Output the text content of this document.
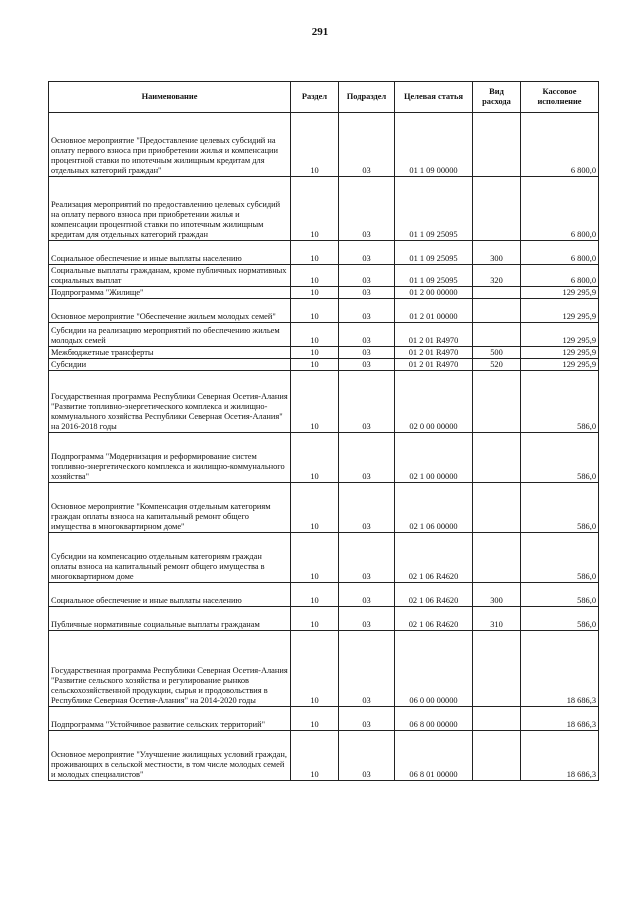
291
Наименование	Раздел	Подраздел	Целевая статья	Вид расхода	Кассовое исполнение
Основное мероприятие "Предоставление целевых субсидий на оплату первого взноса при приобретении жилья и компенсации процентной ставки по ипотечным жилищным кредитам для отдельных категорий граждан"	10	03	01 1 09 00000		6 800,0
Реализация мероприятий по предоставлению целевых субсидий на оплату первого взноса при приобретении жилья и компенсации процентной ставки по ипотечным жилищным кредитам для отдельных категорий граждан	10	03	01 1 09 25095		6 800,0
Социальное обеспечение и иные выплаты населению	10	03	01 1 09 25095	300	6 800,0
Социальные выплаты гражданам, кроме публичных нормативных социальных выплат	10	03	01 1 09 25095	320	6 800,0
Подпрограмма "Жилище"	10	03	01 2 00 00000		129 295,9
Основное мероприятие "Обеспечение жильем молодых семей"	10	03	01 2 01 00000		129 295,9
Субсидии на реализацию мероприятий по обеспечению жильем молодых семей	10	03	01 2 01 R4970		129 295,9
Межбюджетные трансферты	10	03	01 2 01 R4970	500	129 295,9
Субсидии	10	03	01 2 01 R4970	520	129 295,9
Государственная программа Республики Северная Осетия-Алания "Развитие топливно-энергетического комплекса и жилищно-коммунального хозяйства Республики Северная Осетия-Алания" на 2016-2018 годы	10	03	02 0 00 00000		586,0
Подпрограмма "Модернизация и реформирование систем топливно-энергетического комплекса и жилищно-коммунального хозяйства"	10	03	02 1 00 00000		586,0
Основное мероприятие "Компенсация отдельным категориям граждан оплаты взноса на капитальный ремонт общего имущества в многоквартирном доме"	10	03	02 1 06 00000		586,0
Субсидии на компенсацию отдельным категориям граждан оплаты взноса на капитальный ремонт общего имущества в многоквартирном доме	10	03	02 1 06 R4620		586,0
Социальное обеспечение и иные выплаты населению	10	03	02 1 06 R4620	300	586,0
Публичные нормативные социальные выплаты гражданам	10	03	02 1 06 R4620	310	586,0
Государственная программа Республики Северная Осетия-Алания "Развитие сельского хозяйства и регулирование рынков сельскохозяйственной продукции, сырья и продовольствия в Республике Северная Осетия-Алания" на 2014-2020 годы	10	03	06 0 00 00000		18 686,3
Подпрограмма "Устойчивое развитие сельских территорий"	10	03	06 8 00 00000		18 686,3
Основное мероприятие "Улучшение жилищных условий граждан, проживающих в сельской местности, в том числе молодых семей и молодых специалистов"	10	03	06 8 01 00000		18 686,3
